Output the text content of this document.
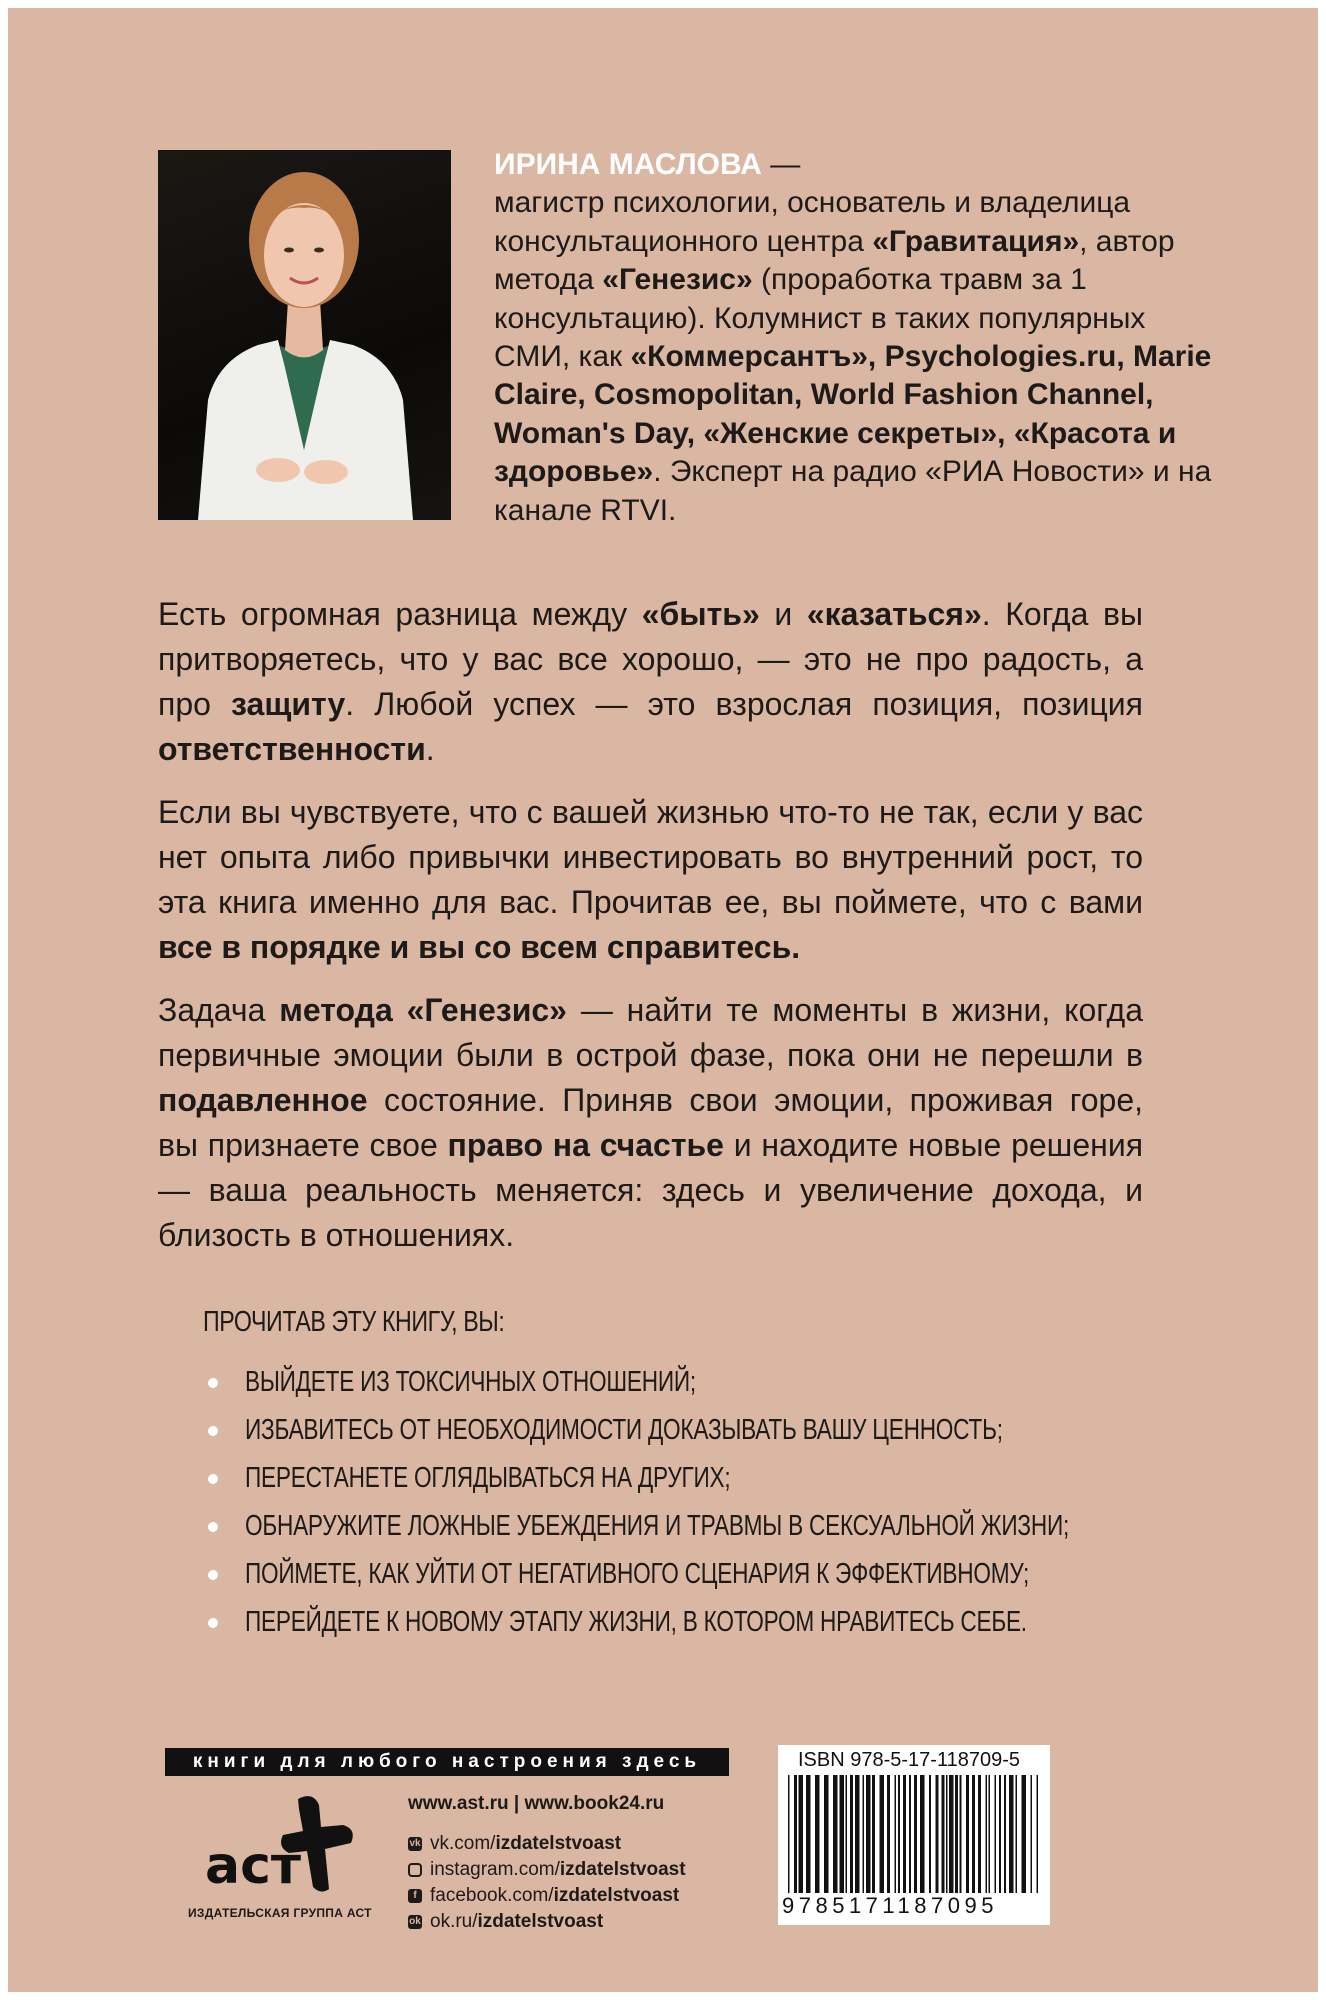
ИРИНА МАСЛОВА —
магистр психологии, основатель и владелица консультационного центра «Гравитация», автор метода «Генезис» (проработка травм за 1 консультацию). Колумнист в таких популярных СМИ, как «Коммерсантъ», Psychologies.ru, Marie Claire, Cosmopolitan, World Fashion Channel, Woman's Day, «Женские секреты», «Красота и здоровье». Эксперт на радио «РИА Новости» и на канале RTVI.
Есть огромная разница между «быть» и «казаться». Когда вы притворяетесь, что у вас все хорошо, — это не про радость, а про защиту. Любой успех — это взрослая позиция, позиция ответственности.
Если вы чувствуете, что с вашей жизнью что-то не так, если у вас нет опыта либо привычки инвестировать во внутренний рост, то эта книга именно для вас. Прочитав ее, вы поймете, что с вами все в порядке и вы со всем справитесь.
Задача метода «Генезис» — найти те моменты в жизни, когда первичные эмоции были в острой фазе, пока они не перешли в подавленное состояние. Приняв свои эмоции, проживая горе, вы признаете свое право на счастье и находите новые решения — ваша реальность меняется: здесь и увеличение дохода, и близость в отношениях.
ПРОЧИТАВ ЭТУ КНИГУ, ВЫ:
ВЫЙДЕТЕ ИЗ ТОКСИЧНЫХ ОТНОШЕНИЙ;
ИЗБАВИТЕСЬ ОТ НЕОБХОДИМОСТИ ДОКАЗЫВАТЬ ВАШУ ЦЕННОСТЬ;
ПЕРЕСТАНЕТЕ ОГЛЯДЫВАТЬСЯ НА ДРУГИХ;
ОБНАРУЖИТЕ ЛОЖНЫЕ УБЕЖДЕНИЯ И ТРАВМЫ В СЕКСУАЛЬНОЙ ЖИЗНИ;
ПОЙМЕТЕ, КАК УЙТИ ОТ НЕГАТИВНОГО СЦЕНАРИЯ К ЭФФЕКТИВНОМУ;
ПЕРЕЙДЕТЕ К НОВОМУ ЭТАПУ ЖИЗНИ, В КОТОРОМ НРАВИТЕСЬ СЕБЕ.
книги для любого настроения здесь
аст
ИЗДАТЕЛЬСКАЯ ГРУППА АСТ
www.ast.ru | www.book24.ru
vk vk.com/ izdatelstvoast
instagram.com/ izdatelstvoast
f facebook.com/ izdatelstvoast
ok ok.ru/ izdatelstvoast
ISBN 978-5-17-118709-5
9785171187095
